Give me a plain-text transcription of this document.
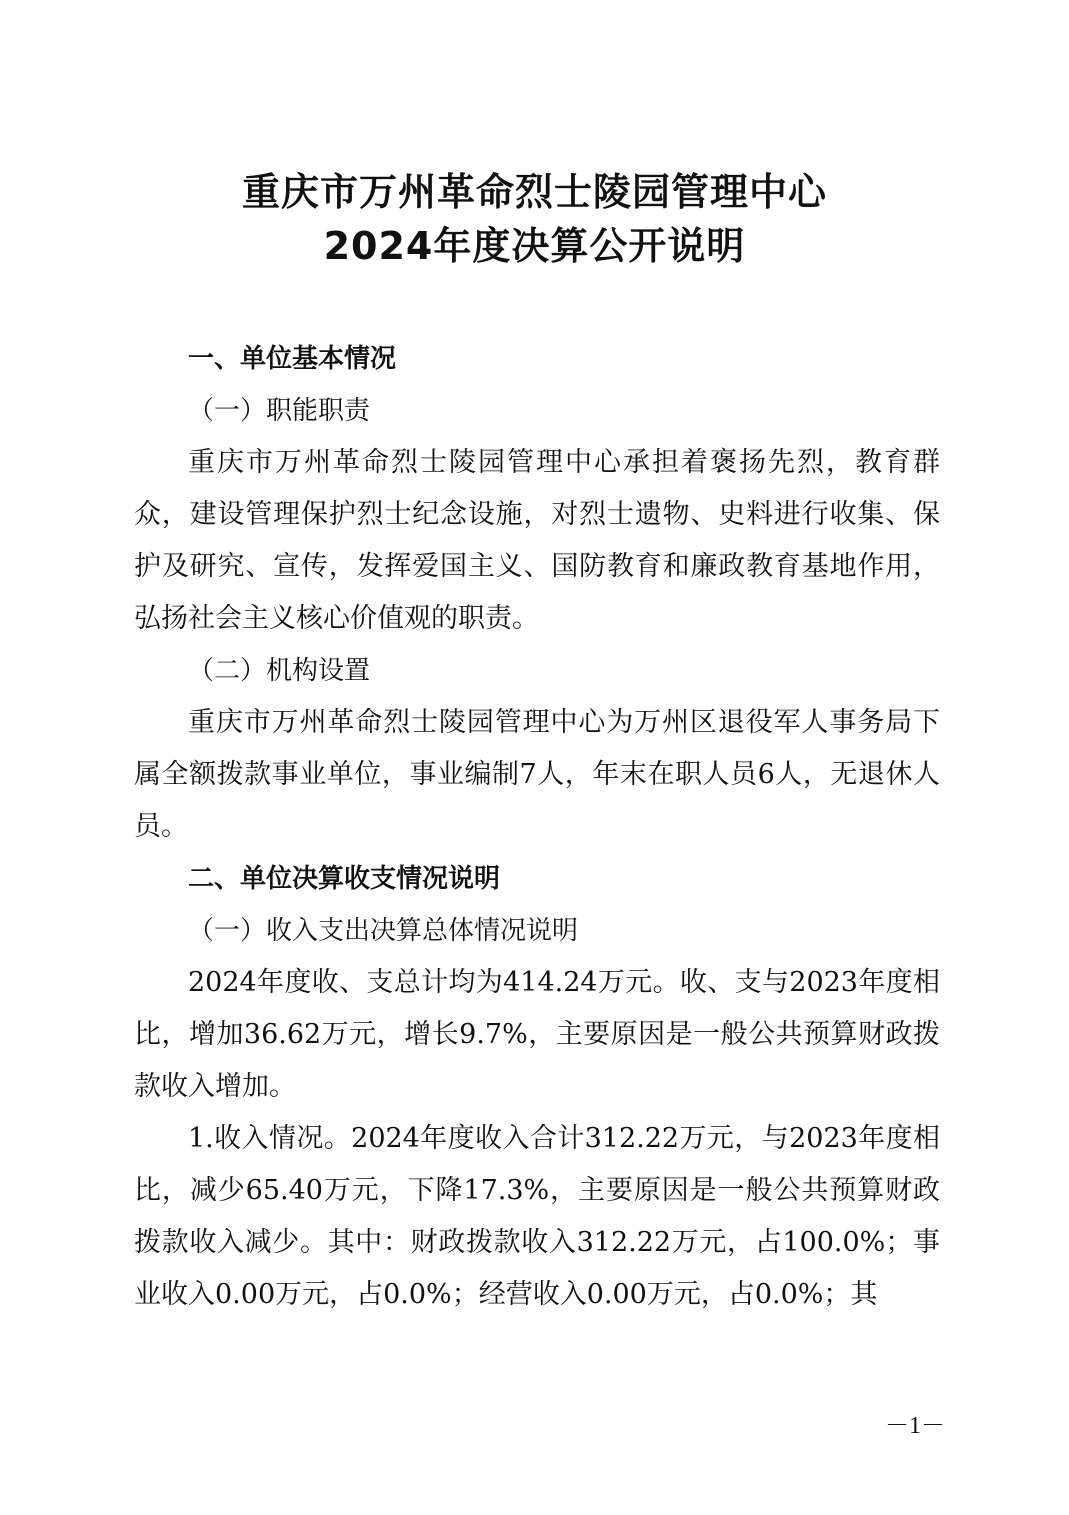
重庆市万州革命烈士陵园管理中心
2024年度决算公开说明

一、单位基本情况

（一）职能职责

重庆市万州革命烈士陵园管理中心承担着褒扬先烈，教育群众，建设管理保护烈士纪念设施，对烈士遗物、史料进行收集、保护及研究、宣传，发挥爱国主义、国防教育和廉政教育基地作用，弘扬社会主义核心价值观的职责。

（二）机构设置

重庆市万州革命烈士陵园管理中心为万州区退役军人事务局下属全额拨款事业单位，事业编制7人，年末在职人员6人，无退休人员。

二、单位决算收支情况说明

（一）收入支出决算总体情况说明

2024年度收、支总计均为414.24万元。收、支与2023年度相比，增加36.62万元，增长9.7%，主要原因是一般公共预算财政拨款收入增加。

1.收入情况。2024年度收入合计312.22万元，与2023年度相比，减少65.40万元，下降17.3%，主要原因是一般公共预算财政拨款收入减少。其中：财政拨款收入312.22万元，占100.0%；事业收入0.00万元，占0.0%；经营收入0.00万元，占0.0%；其

－1－
